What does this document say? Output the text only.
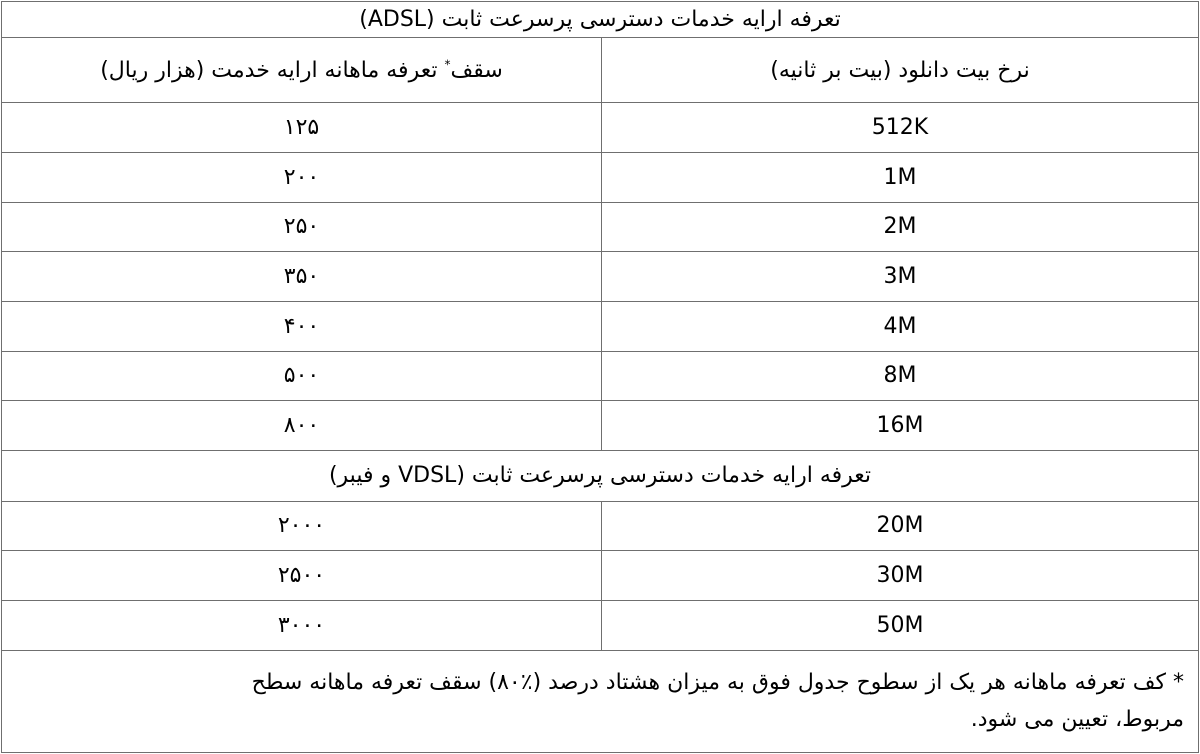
تعرفه ارایه خدمات دسترسی پرسرعت ثابت (ADSL)	
سقف* تعرفه ماهانه ارایه خدمت (هزار ریال)	نرخ بیت دانلود (بیت بر ثانیه)
۱۲۵	512K
۲۰۰	1M
۲۵۰	2M
۳۵۰	3M
۴۰۰	4M
۵۰۰	8M
۸۰۰	16M
تعرفه ارایه خدمات دسترسی پرسرعت ثابت (VDSL و فیبر)	
۲۰۰۰	20M
۲۵۰۰	30M
۳۰۰۰	50M

* کف تعرفه ماهانه هر یک از سطوح جدول فوق به میزان هشتاد درصد (٪۸۰) سقف تعرفه ماهانه سطح
مربوط، تعیین می شود.	
